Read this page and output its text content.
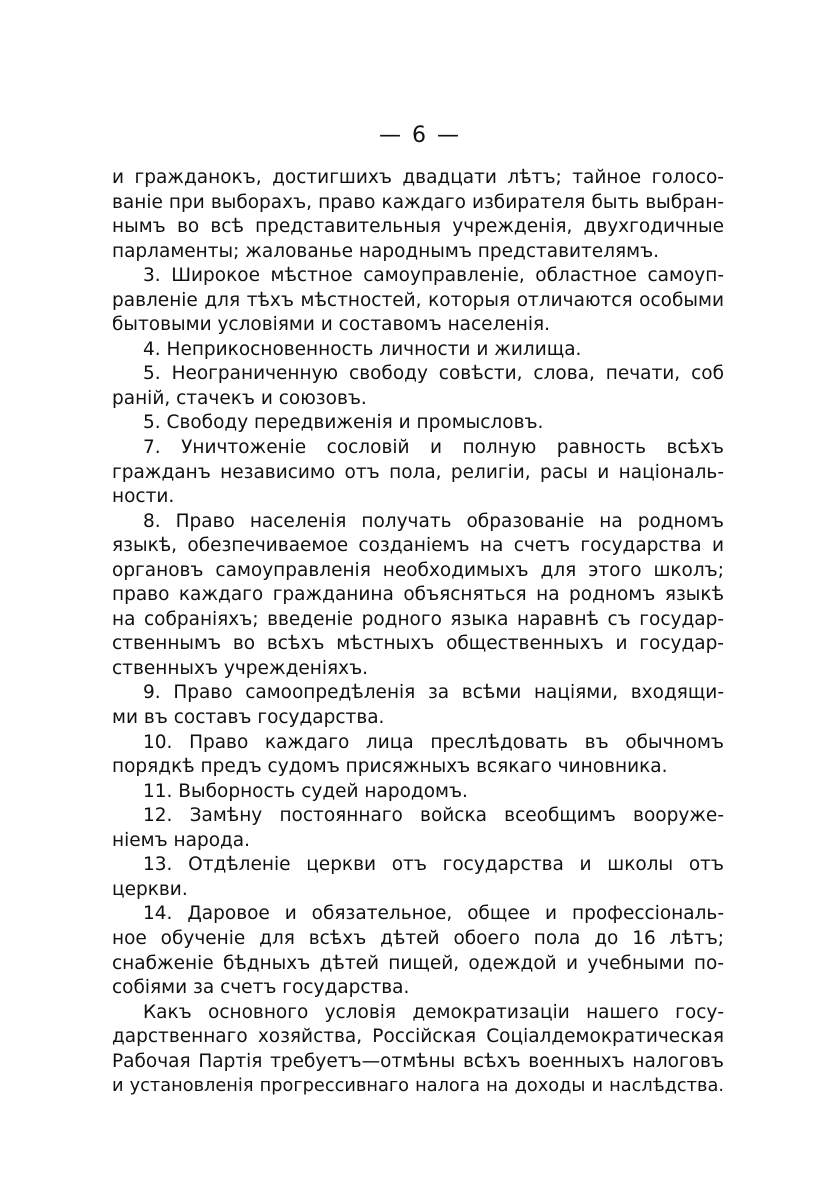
— 6 —
и гражданокъ, достигшихъ двадцати лѣтъ; тайное голосо-
ваніе при выборахъ, право каждаго избирателя быть выбран-
нымъ во всѣ представительныя учрежденія, двухгодичные
парламенты; жалованье народнымъ представителямъ.
3. Широкое мѣстное самоуправленіе, областное самоуп-
равленіе для тѣхъ мѣстностей, которыя отличаются особыми
бытовыми условіями и составомъ населенія.
4. Неприкосновенность личности и жилища.
5. Неограниченную свободу совѣсти, слова, печати, соб
раній, стачекъ и союзовъ.
5. Свободу передвиженія и промысловъ.
7. Уничтоженіе сословій и полную равность всѣхъ
гражданъ независимо отъ пола, религіи, расы и національ-
ности.
8. Право населенія получать образованіе на родномъ
языкѣ, обезпечиваемое созданіемъ на счетъ государства и
органовъ самоуправленія необходимыхъ для этого школъ;
право каждаго гражданина объясняться на родномъ языкѣ
на собраніяхъ; введеніе родного языка наравнѣ съ государ-
ственнымъ во всѣхъ мѣстныхъ общественныхъ и государ-
ственныхъ учрежденіяхъ.
9. Право самоопредѣленія за всѣми націями, входящи-
ми въ составъ государства.
10. Право каждаго лица преслѣдовать въ обычномъ
порядкѣ предъ судомъ присяжныхъ всякаго чиновника.
11. Выборность судей народомъ.
12. Замѣну постояннаго войска всеобщимъ вооруже-
ніемъ народа.
13. Отдѣленіе церкви отъ государства и школы отъ
церкви.
14. Даровое и обязательное, общее и профессіональ-
ное обученіе для всѣхъ дѣтей обоего пола до 16 лѣтъ;
снабженіе бѣдныхъ дѣтей пищей, одеждой и учебными по-
собіями за счетъ государства.
Какъ основного условія демократизаціи нашего госу-
дарственнаго хозяйства, Россійская Соціалдемократическая
Рабочая Партія требуетъ—отмѣны всѣхъ военныхъ налоговъ
и установленія прогрессивнаго налога на доходы и наслѣдства.
